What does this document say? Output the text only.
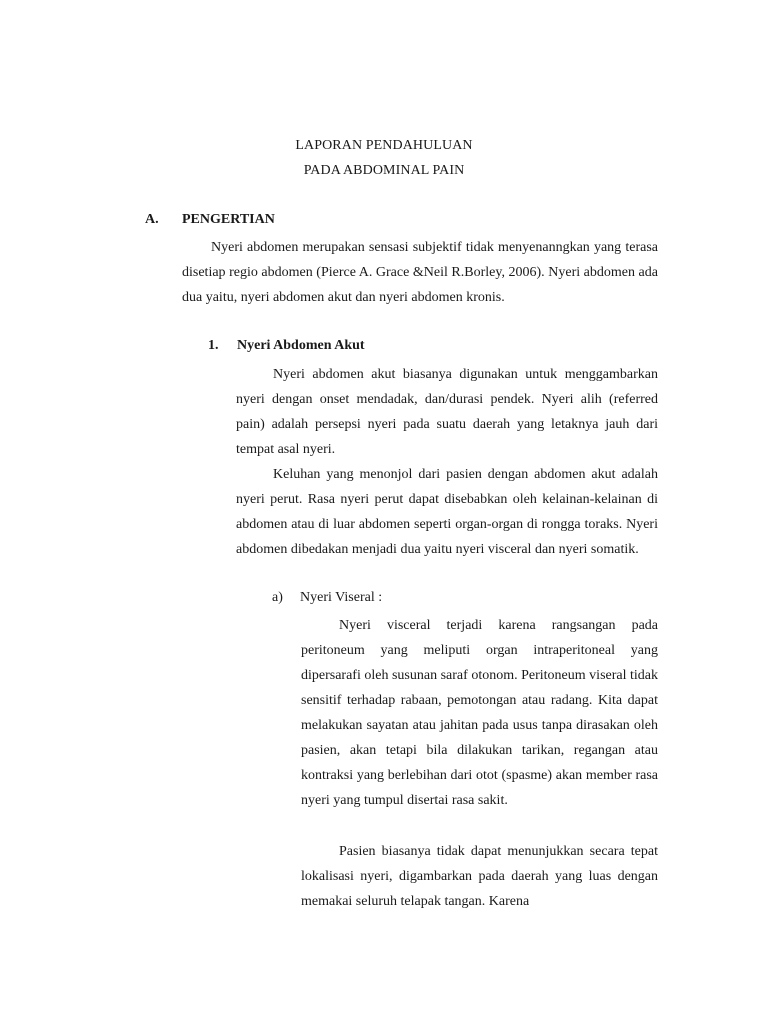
LAPORAN PENDAHULUAN
PADA ABDOMINAL PAIN
A. PENGERTIAN

Nyeri abdomen merupakan sensasi subjektif tidak menyenanngkan yang terasa disetiap regio abdomen (Pierce A. Grace &Neil R.Borley, 2006). Nyeri abdomen ada dua yaitu, nyeri abdomen akut dan nyeri abdomen kronis.

1. Nyeri Abdomen Akut

Nyeri abdomen akut biasanya digunakan untuk menggambarkan nyeri dengan onset mendadak, dan/durasi pendek. Nyeri alih (referred pain) adalah persepsi nyeri pada suatu daerah yang letaknya jauh dari tempat asal nyeri.

Keluhan yang menonjol dari pasien dengan abdomen akut adalah nyeri perut. Rasa nyeri perut dapat disebabkan oleh kelainan-kelainan di abdomen atau di luar abdomen seperti organ-organ di rongga toraks. Nyeri abdomen dibedakan menjadi dua yaitu nyeri visceral dan nyeri somatik.

a) Nyeri Viseral :

Nyeri visceral terjadi karena rangsangan pada peritoneum yang meliputi organ intraperitoneal yang dipersarafi oleh susunan saraf otonom. Peritoneum viseral tidak sensitif terhadap rabaan, pemotongan atau radang. Kita dapat melakukan sayatan atau jahitan pada usus tanpa dirasakan oleh pasien, akan tetapi bila dilakukan tarikan, regangan atau kontraksi yang berlebihan dari otot (spasme) akan member rasa nyeri yang tumpul disertai rasa sakit.

Pasien biasanya tidak dapat menunjukkan secara tepat lokalisasi nyeri, digambarkan pada daerah yang luas dengan memakai seluruh telapak tangan. Karena
